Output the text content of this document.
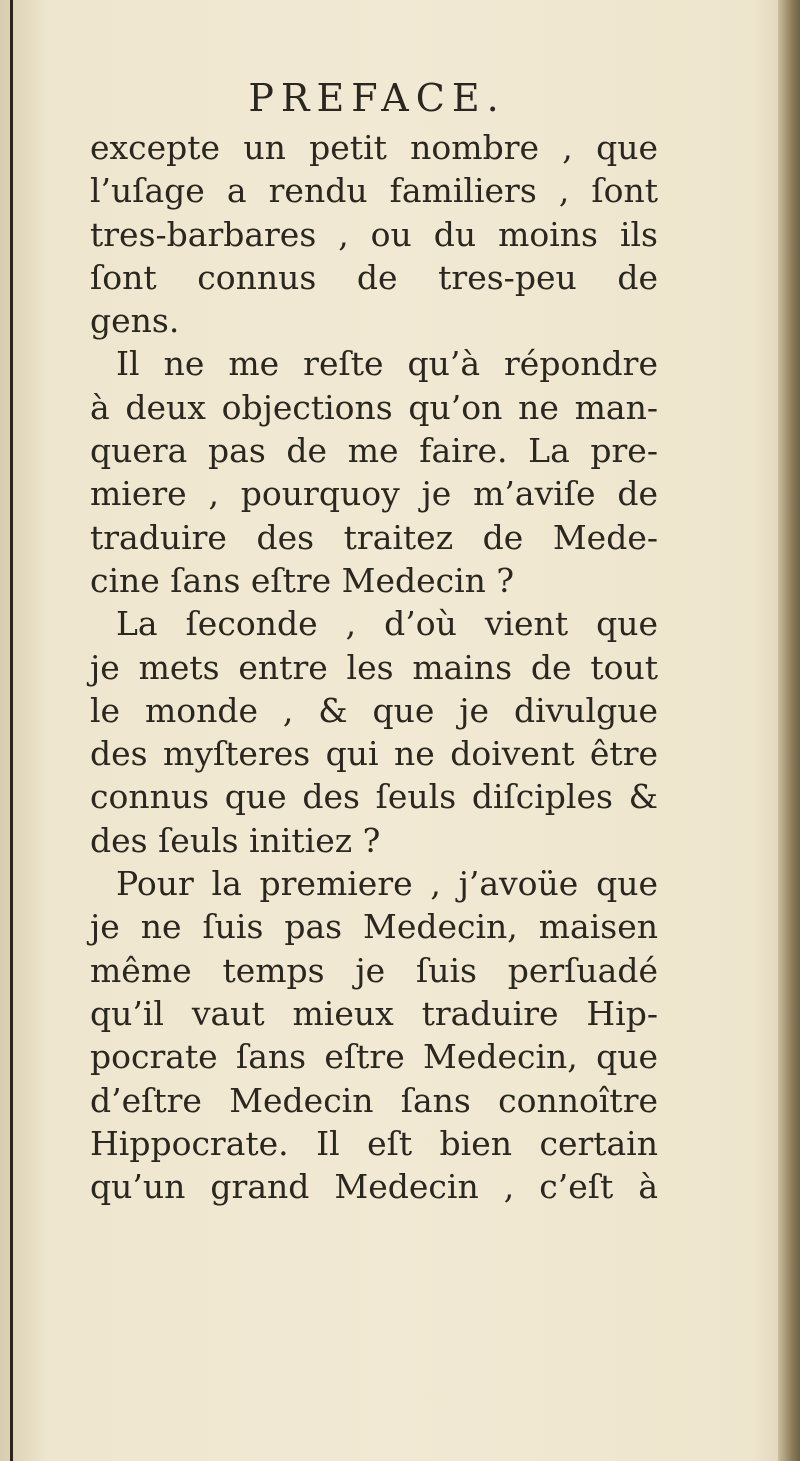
PREFACE.
excepte un petit nombre , que
l’uſage a rendu familiers , ſont
tres-barbares , ou du moins ils
ſont connus de tres-peu de
gens.
Il ne me reſte qu’à répondre
à deux objections qu’on ne man-
quera pas de me faire. La pre-
miere , pourquoy je m’aviſe de
traduire des traitez de Mede-
cine ſans eſtre Medecin ?
La ſeconde , d’où vient que
je mets entre les mains de tout
le monde , & que je divulgue
des myſteres qui ne doivent être
connus que des ſeuls diſciples &
des ſeuls initiez ?
Pour la premiere , j’avoüe que
je ne ſuis pas Medecin, maisen
même temps je ſuis perſuadé
qu’il vaut mieux traduire Hip-
pocrate ſans eſtre Medecin, que
d’eſtre Medecin ſans connoître
Hippocrate. Il eſt bien certain
qu’un grand Medecin , c’eſt à
